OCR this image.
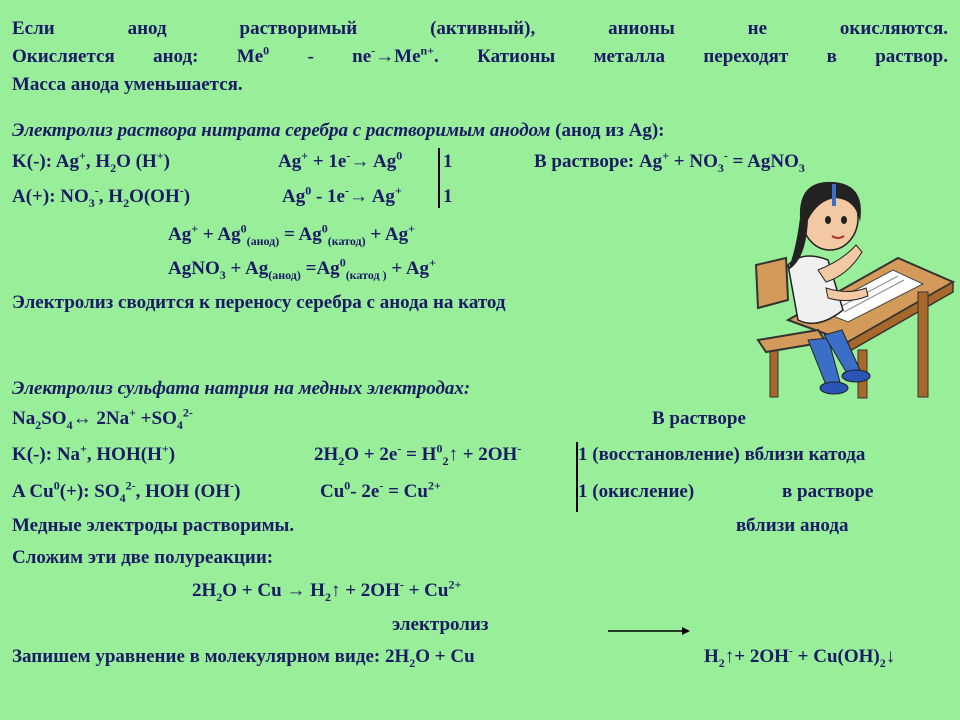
Если анод растворимый (активный), анионы не окисляются.
Окисляется анод: $Me^0 - ne^-\to Me^{n+}$. Катионы металла переходят в раствор.
Масса анода уменьшается.
Электролиз раствора нитрата серебра с растворимым анодом (анод из Ag):
K(-): Ag+, $H_2O$ (H+)	$Ag^+ + 1e^-\to Ag^0$ 1	В растворе: $Ag^+ + NO_3^-$ = AgNO$_3$
A(+): $NO_3^-$, $H_2O(OH^-)$	Ag$^0$ - 1e-→ Ag+ 1
$Ag^+ + Ag^0_{(анод)} = Ag^0_{(катод)} + Ag^+$
AgNO$_3$ + $Ag_{(анод)} =Ag^0_{(катод )} + Ag^+$
Электролиз сводится к переносу серебра с анода на катод
Электролиз сульфата натрия на медных электродах:
$Na_2SO_4\leftrightarrow$ $2Na^+ +SO_4^{2-}$	В растворе
K(-): Na+, HOH(H+)	$2H_2O + 2e^-$ = $H^0_2↑ + 2OH^-$	1 (восстановление) вблизи катода
A $Cu^0(+)$: $SO_4^{2-}$, HOH (OH-)	Cu$^0$- $2e^- = Cu^{2+}$	1 (окисление)	в растворе
Медные электроды растворимы.	вблизи анода
Сложим эти две полуреакции:
$2H_2O + Cu$ → $H_2↑ + 2OH^- + Cu^{2+}$
электролиз
Запишем уравнение в молекулярном виде: $2H_2O + Cu$	$H_2↑+ 2OH^-$ + $Cu(OH)_2↓$
